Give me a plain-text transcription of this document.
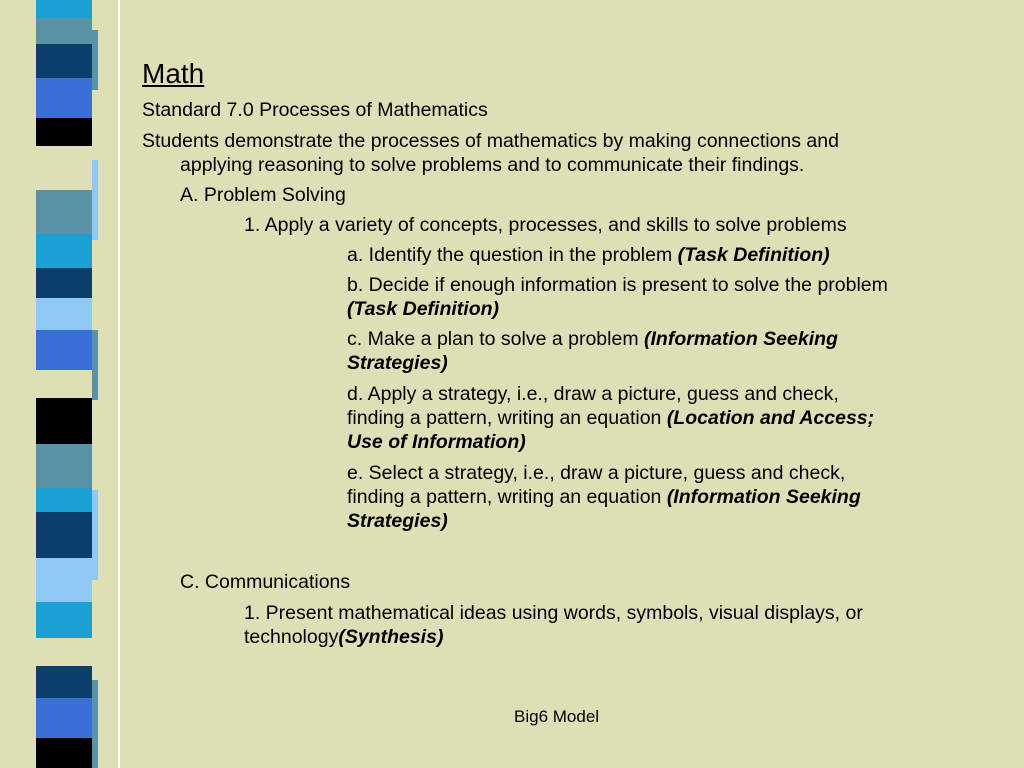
Math
Standard 7.0 Processes of Mathematics
Students demonstrate the processes of mathematics by making connections and
applying reasoning to solve problems and to communicate their findings.
A. Problem Solving
1. Apply a variety of concepts, processes, and skills to solve problems
a. Identify the question in the problem (Task Definition)
b. Decide if enough information is present to solve the problem
(Task Definition)
c. Make a plan to solve a problem (Information Seeking
Strategies)
d. Apply a strategy, i.e., draw a picture, guess and check,
finding a pattern, writing an equation (Location and Access;
Use of Information)
e. Select a strategy, i.e., draw a picture, guess and check,
finding a pattern, writing an equation (Information Seeking
Strategies)
C. Communications
1. Present mathematical ideas using words, symbols, visual displays, or
technology(Synthesis)
Big6 Model
